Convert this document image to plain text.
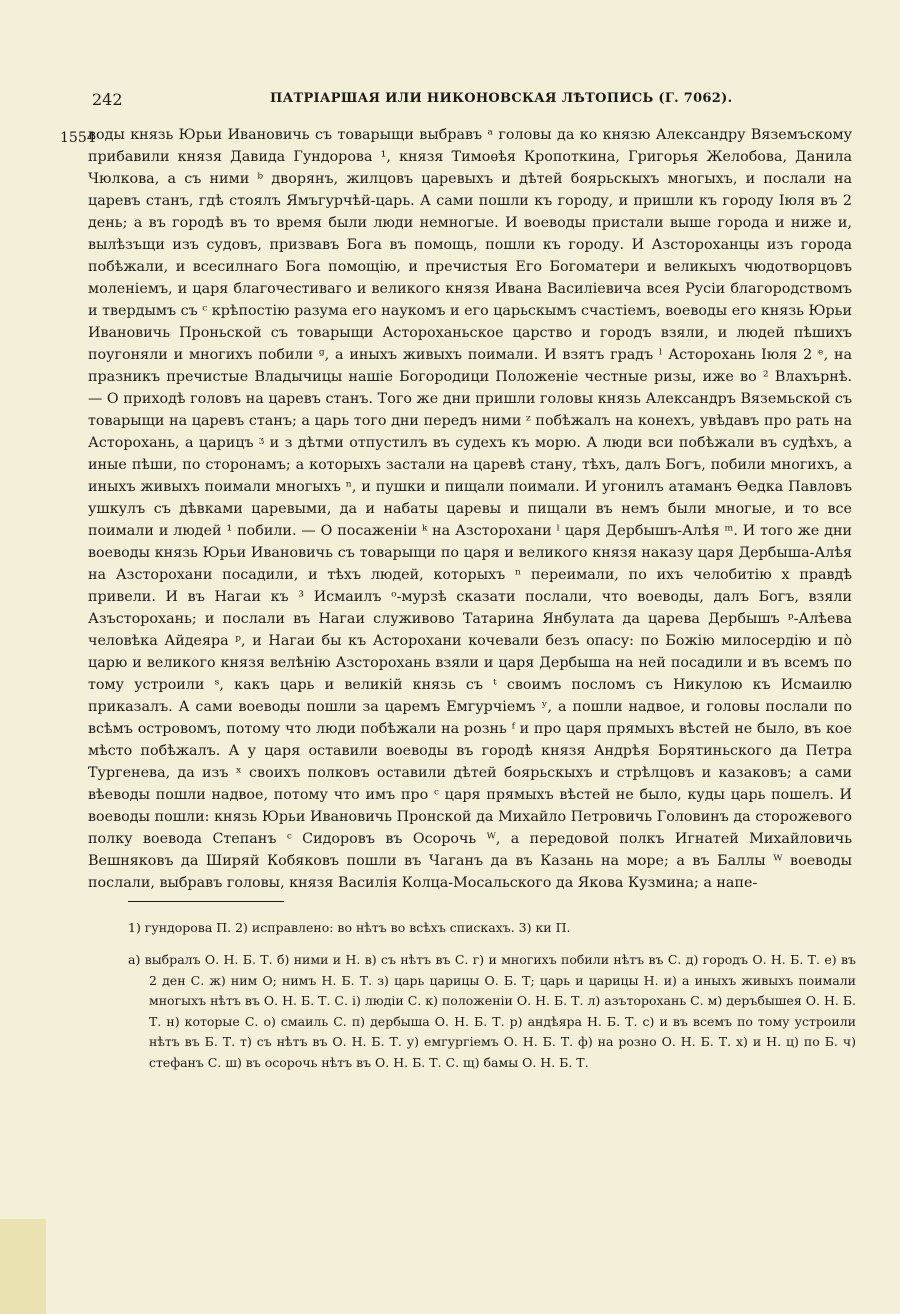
242	ПАТРІАРШАЯ ИЛИ НИКОНОВСКАЯ ЛѢТОПИСЬ (Г. 7062).
1554

воды князь Юрьи Ивановичь съ товарыщи выбравъ ᵃ головы да ко князю Александру Вяземъскому прибавили князя Давида Гундорова ¹, князя Тимоѳѣя Кропоткина, Григорья Желобова, Данила Чюлкова, а съ ними ᵇ дворянъ, жилцовъ царевыхъ и дѣтей боярьскыхъ многыхъ, и послали на царевъ станъ, гдѣ стоялъ Ямъгурчѣй-царь. А сами пошли къ городу, и пришли къ городу Іюля въ 2 день; а въ городѣ въ то время были люди немногые. И воеводы пристали выше города и ниже и, вылѣзъщи изъ судовъ, призвавъ Бога въ помощь, пошли къ городу. И Азстороханцы изъ города побѣжали, и всесилнаго Бога помощію, и пречистыя Его Богоматери и великыхъ чюдотворцовъ моленіемъ, и царя благочестиваго и великого князя Ивана Василіевича всея Русіи благородствомъ и твердымъ съ ᶜ крѣпостію разума его наукомъ и его царьскымъ счастіемъ, воеводы его князь Юрьи Ивановичь Проньской съ товарыщи Астороханьское царство и городъ взяли, и людей пѣшихъ поугоняли и многихъ побили ᵍ, а иныхъ живыхъ поимали. И взятъ градъ ˡ Асторохань Іюля 2 ᵉ, на празникъ пречистые Владычицы нашіе Богородици Положеніе честные ризы, иже во ² Влахърнѣ. — О приходѣ головъ на царевъ станъ. Того же дни пришли головы князь Александръ Вяземьской съ товарыщи на царевъ станъ; а царь того дни передъ ними ᶻ побѣжалъ на конехъ, увѣдавъ про рать на Асторохань, а царицъ ᶾ и з дѣтми отпустилъ въ судехъ къ морю. А люди вси побѣжали въ судѣхъ, а иные пѣши, по сторонамъ; а которыхъ застали на царевѣ стану, тѣхъ, далъ Богъ, побили многихъ, а иныхъ живыхъ поимали многыхъ ⁿ, и пушки и пищали поимали. И угонилъ атаманъ Ѳедка Павловъ ушкулъ съ дѣвками царевыми, да и набаты царевы и пищали въ немъ были многые, и то все поимали и людей ¹ побили. — О посаженіи ᵏ на Азсторохани ˡ царя Дербышъ-Алѣя ᵐ. И того же дни воеводы князь Юрьи Ивановичь съ товарыщи по царя и великого князя наказу царя Дербыша-Алѣя на Азсторохани посадили, и тѣхъ людей, которыхъ ⁿ переимали, по ихъ челобитію х правдѣ привели. И въ Нагаи къ ³ Исмаилъ ᵒ-мурзѣ сказати послали, что воеводы, далъ Богъ, взяли Азъсторохань; и послали въ Нагаи служивово Татарина Янбулата да царева Дербышъ ᵖ-Алѣева человѣка Айдеяра ᵖ, и Нагаи бы къ Асторохани кочевали безъ опасу: по Божію милосердію и по̀ царю и великого князя велѣнію Азсторохань взяли и царя Дербыша на ней посадили и въ всемъ по тому устроили ˢ, какъ царь и великій князь съ ᵗ своимъ посломъ съ Никулою къ Исмаилю приказалъ. А сами воеводы пошли за царемъ Емгурчіемъ ʸ, а пошли надвое, и головы послали по всѣмъ островомъ, потому что люди побѣжали на рознь ᶠ и про царя прямыхъ вѣстей не было, въ кое мѣсто побѣжалъ. А у царя оставили воеводы въ городѣ князя Андрѣя Борятиньского да Петра Тургенева, да изъ ˣ своихъ полковъ оставили дѣтей боярьскыхъ и стрѣлцовъ и казаковъ; а сами вѣеводы пошли надвое, потому что имъ про ᶜ царя прямыхъ вѣстей не было, куды царь пошелъ. И воеводы пошли: князь Юрьи Ивановичь Пронской да Михайло Петровичь Головинъ да сторожевого полку воевода Степанъ ᶜ Сидоровъ въ Осорочь ᵂ, а передовой полкъ Игнатей Михайловичь Вешняковъ да Ширяй Кобяковъ пошли въ Чаганъ да въ Казань на море; а въ Баллы ᵂ воеводы послали, выбравъ головы, князя Василія Колца-Мосальского да Якова Кузмина; а напе-

1) гундорова П. 2) исправлено: во нѣтъ во всѣхъ спискахъ. 3) ки П.

а) выбралъ О. Н. Б. Т. б) ними и Н. в) съ нѣтъ въ С. г) и многихъ побили нѣтъ въ С. д) городъ О. Н. Б. Т. е) въ 2 ден С. ж) ним О; нимъ Н. Б. Т. з) царь царицы О. Б. Т; царь и царицы Н. и) а иныхъ живыхъ поимали многыхъ нѣтъ въ О. Н. Б. Т. С. і) людіи С. к) положеніи О. Н. Б. Т. л) азъторохань С. м) деръбышея О. Н. Б. Т. н) которые С. о) смаиль С. п) дербыша О. Н. Б. Т. р) андѣяра Н. Б. Т. с) и въ всемъ по тому устроили нѣтъ въ Б. Т. т) съ нѣтъ въ О. Н. Б. Т. у) емгургіемъ О. Н. Б. Т. ф) на розно О. Н. Б. Т. х) и Н. ц) по Б. ч) стефанъ С. ш) въ осорочь нѣтъ въ О. Н. Б. Т. С. щ) бамы О. Н. Б. Т.
